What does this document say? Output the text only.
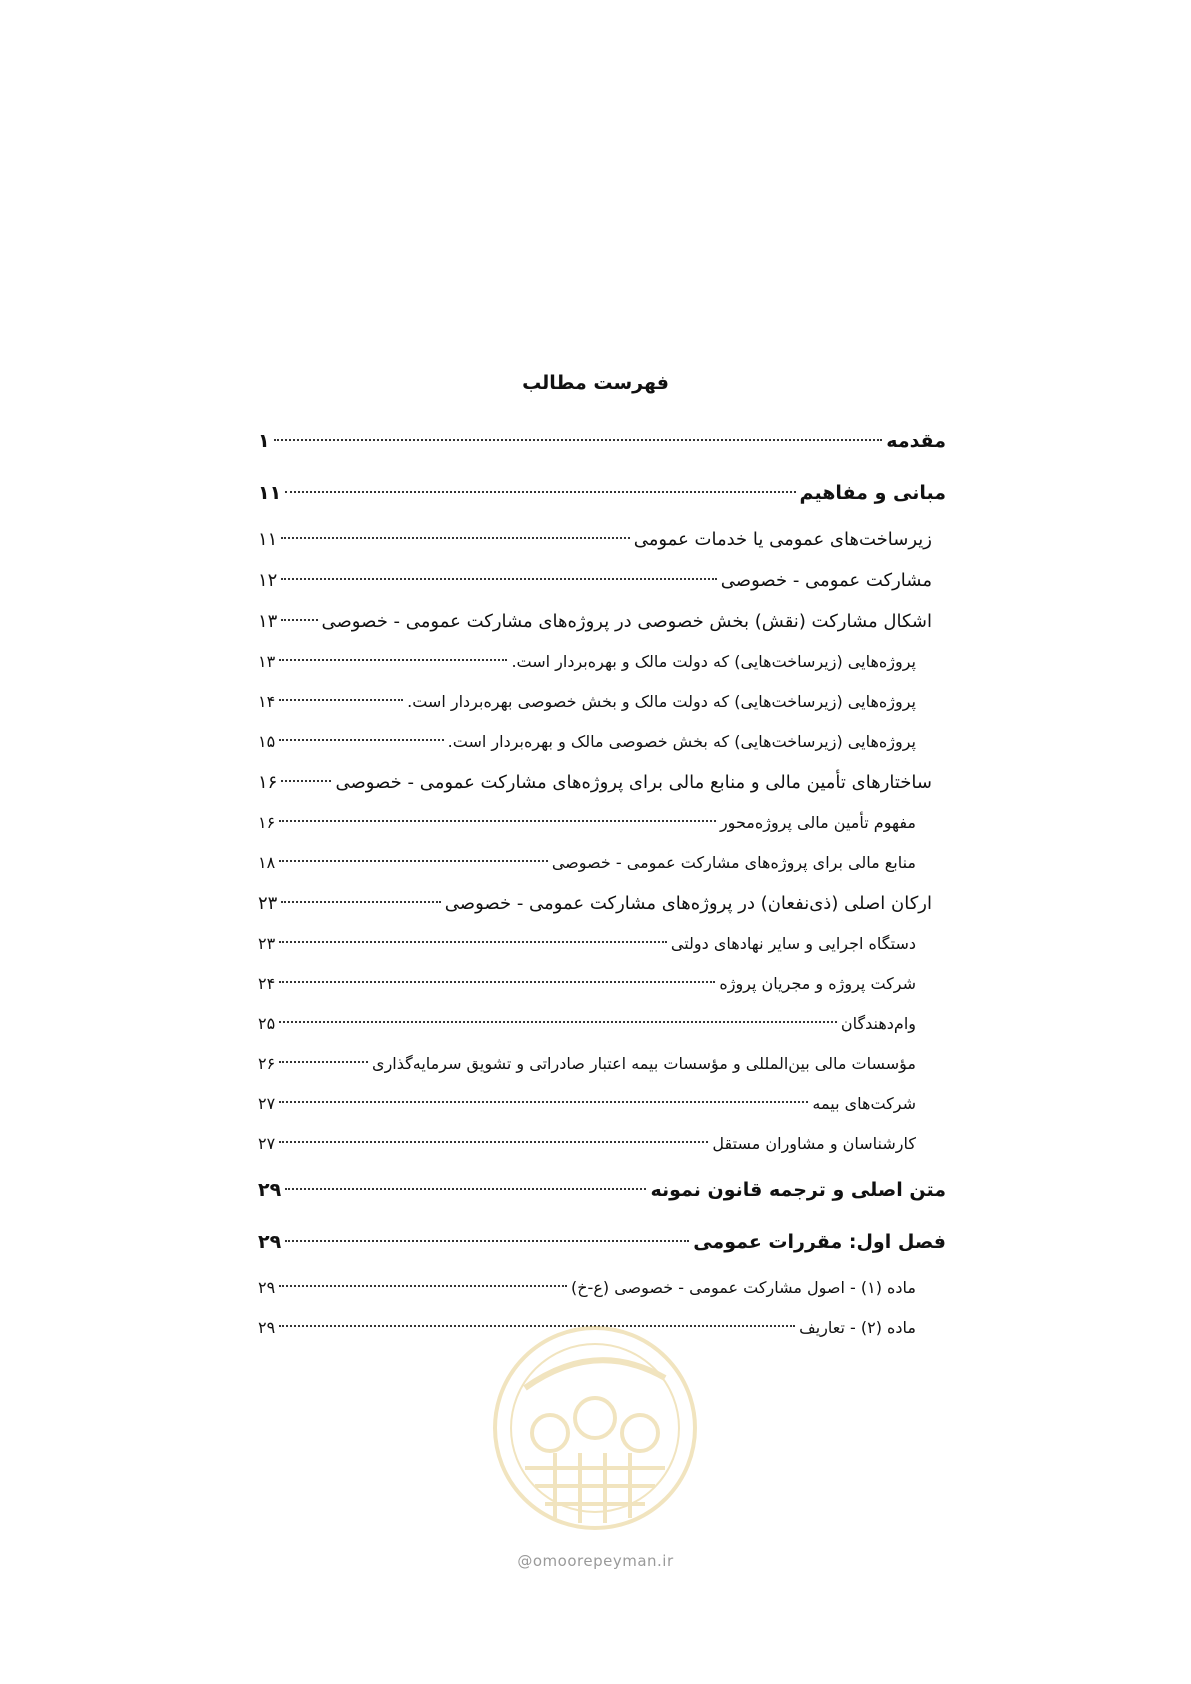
فهرست مطالب
مقدمه
۱
مبانی و مفاهیم
۱۱
زیرساخت‌های عمومی یا خدمات عمومی
۱۱
مشارکت عمومی - خصوصی
۱۲
اشکال مشارکت (نقش) بخش خصوصی در پروژه‌های مشارکت عمومی - خصوصی
۱۳
پروژه‌هایی (زیرساخت‌هایی) که دولت مالک و بهره‌بردار است.
۱۳
پروژه‌هایی (زیرساخت‌هایی) که دولت مالک و بخش خصوصی بهره‌بردار است.
۱۴
پروژه‌هایی (زیرساخت‌هایی) که بخش خصوصی مالک و بهره‌بردار است.
۱۵
ساختارهای تأمین مالی و منابع مالی برای پروژه‌های مشارکت عمومی - خصوصی
۱۶
مفهوم تأمین مالی پروژه‌محور
۱۶
منابع مالی برای پروژه‌های مشارکت عمومی - خصوصی
۱۸
ارکان اصلی (ذی‌نفعان) در پروژه‌های مشارکت عمومی - خصوصی
۲۳
دستگاه اجرایی و سایر نهادهای دولتی
۲۳
شرکت پروژه و مجریان پروژه
۲۴
وام‌دهندگان
۲۵
مؤسسات مالی بین‌المللی و مؤسسات بیمه اعتبار صادراتی و تشویق سرمایه‌گذاری
۲۶
شرکت‌های بیمه
۲۷
کارشناسان و مشاوران مستقل
۲۷
متن اصلی و ترجمه قانون نمونه
۲۹
فصل اول: مقررات عمومی
۲۹
ماده (۱) - اصول مشارکت عمومی - خصوصی (ع-خ)
۲۹
ماده (۲) - تعاریف
۲۹
@omoorepeyman.ir
